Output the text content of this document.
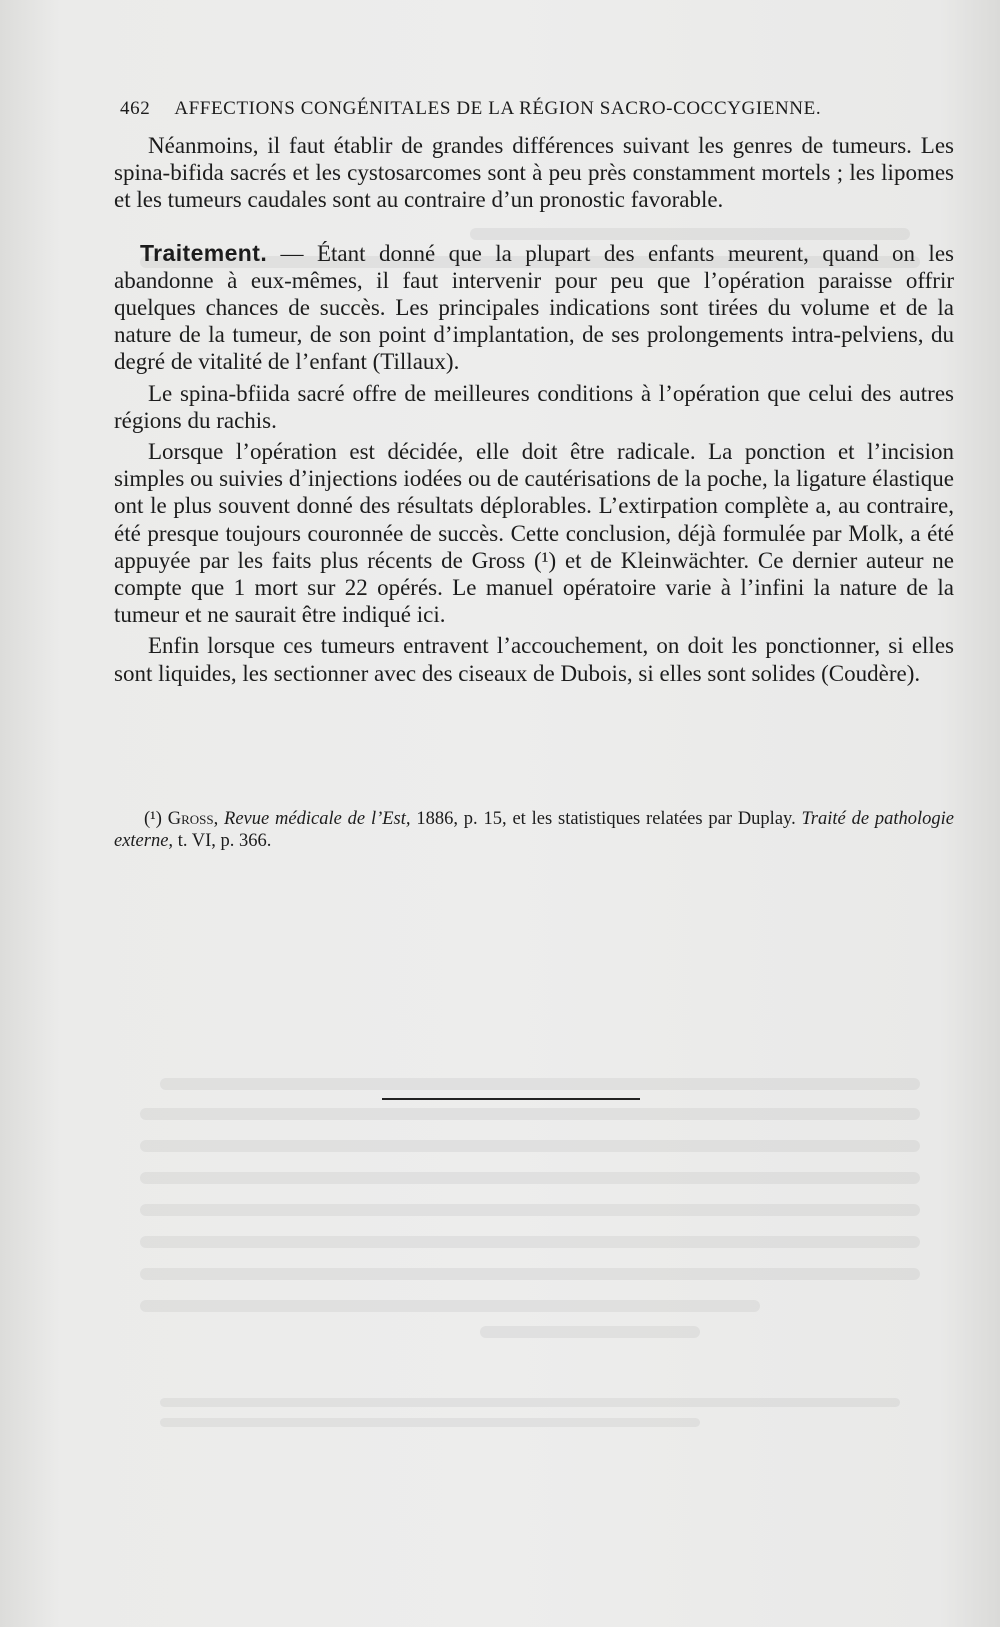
462 AFFECTIONS CONGÉNITALES DE LA RÉGION SACRO-COCCYGIENNE.

Néanmoins, il faut établir de grandes différences suivant les genres de tumeurs. Les spina-bifida sacrés et les cystosarcomes sont à peu près constamment mortels ; les lipomes et les tumeurs caudales sont au contraire d’un pronostic favorable.

Traitement. — Étant donné que la plupart des enfants meurent, quand on les abandonne à eux-mêmes, il faut intervenir pour peu que l’opération paraisse offrir quelques chances de succès. Les principales indications sont tirées du volume et de la nature de la tumeur, de son point d’implantation, de ses prolongements intra-pelviens, du degré de vitalité de l’enfant (Tillaux).

Le spina-bfiida sacré offre de meilleures conditions à l’opération que celui des autres régions du rachis.

Lorsque l’opération est décidée, elle doit être radicale. La ponction et l’incision simples ou suivies d’injections iodées ou de cautérisations de la poche, la ligature élastique ont le plus souvent donné des résultats déplorables. L’extirpation complète a, au contraire, été presque toujours couronnée de succès. Cette conclusion, déjà formulée par Molk, a été appuyée par les faits plus récents de Gross (¹) et de Kleinwächter. Ce dernier auteur ne compte que 1 mort sur 22 opérés. Le manuel opératoire varie à l’infini la nature de la tumeur et ne saurait être indiqué ici.

Enfin lorsque ces tumeurs entravent l’accouchement, on doit les ponctionner, si elles sont liquides, les sectionner avec des ciseaux de Dubois, si elles sont solides (Coudère).

(¹) Gross, Revue médicale de l’Est, 1886, p. 15, et les statistiques relatées par Duplay. Traité de pathologie externe, t. VI, p. 366.
